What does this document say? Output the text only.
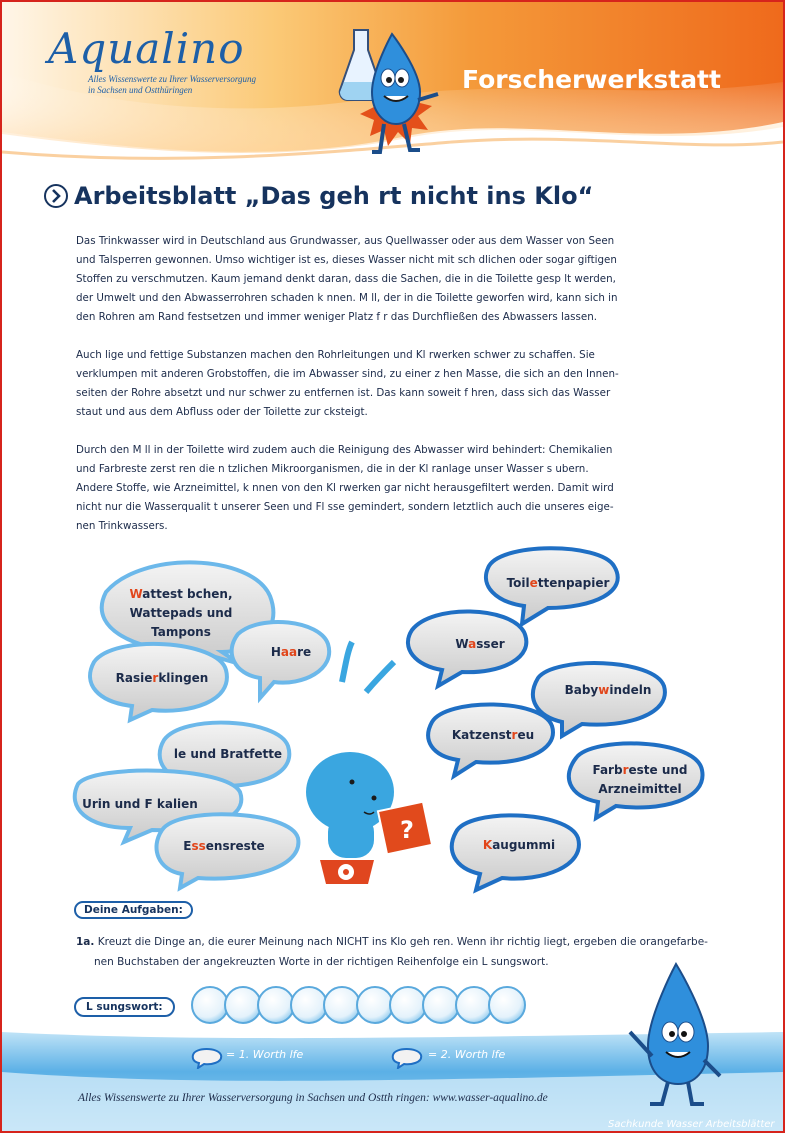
Aqualino
Alles Wissenswerte zu Ihrer Wasserversorgung
in Sachsen und Ostthüringen	Forscherwerkstatt
Arbeitsblatt „Das geh rt nicht ins Klo“

Das Trinkwasser wird in Deutschland aus Grundwasser, aus Quellwasser oder aus dem Wasser von Seen
und Talsperren gewonnen. Umso wichtiger ist es, dieses Wasser nicht mit sch dlichen oder sogar giftigen
Stoffen zu verschmutzen. Kaum jemand denkt daran, dass die Sachen, die in die Toilette gesp lt werden,
der Umwelt und den Abwasserrohren schaden k nnen. M ll, der in die Toilette geworfen wird, kann sich in
den Rohren am Rand festsetzen und immer weniger Platz f r das Durchfließen des Abwassers lassen.

Auch lige und fettige Substanzen machen den Rohrleitungen und Kl rwerken schwer zu schaffen. Sie
verklumpen mit anderen Grobstoffen, die im Abwasser sind, zu einer z hen Masse, die sich an den Innen-
seiten der Rohre absetzt und nur schwer zu entfernen ist. Das kann soweit f hren, dass sich das Wasser
staut und aus dem Abfluss oder der Toilette zur cksteigt.

Durch den M ll in der Toilette wird zudem auch die Reinigung des Abwasser wird behindert: Chemikalien
und Farbreste zerst ren die n tzlichen Mikroorganismen, die in der Kl ranlage unser Wasser s ubern.
Andere Stoffe, wie Arzneimittel, k nnen von den Kl rwerken gar nicht herausgefiltert werden. Damit wird
nicht nur die Wasserqualit t unserer Seen und Fl sse gemindert, sondern letztlich auch die unseres eige-
nen Trinkwassers.

?
Wattest bchen,
Wattepads und
Tampons
Haare
Rasierklingen
le und Bratfette
Urin und F kalien
Essensreste
Toilettenpapier
Wasser
Babywindeln
Katzenstreu
Farbreste und
Arzneimittel
Kaugummi
Deine Aufgaben:
1a. Kreuzt die Dinge an, die eurer Meinung nach NICHT ins Klo geh ren. Wenn ihr richtig liegt, ergeben die orangefarbe-
nen Buchstaben der angekreuzten Worte in der richtigen Reihenfolge ein L sungswort.
L sungswort:
= 1. Worth lfe	= 2. Worth lfe
Alles Wissenswerte zu Ihrer Wasserversorgung in Sachsen und Ostth ringen: www.wasser-aqualino.de
Sachkunde Wasser Arbeitsblätter
